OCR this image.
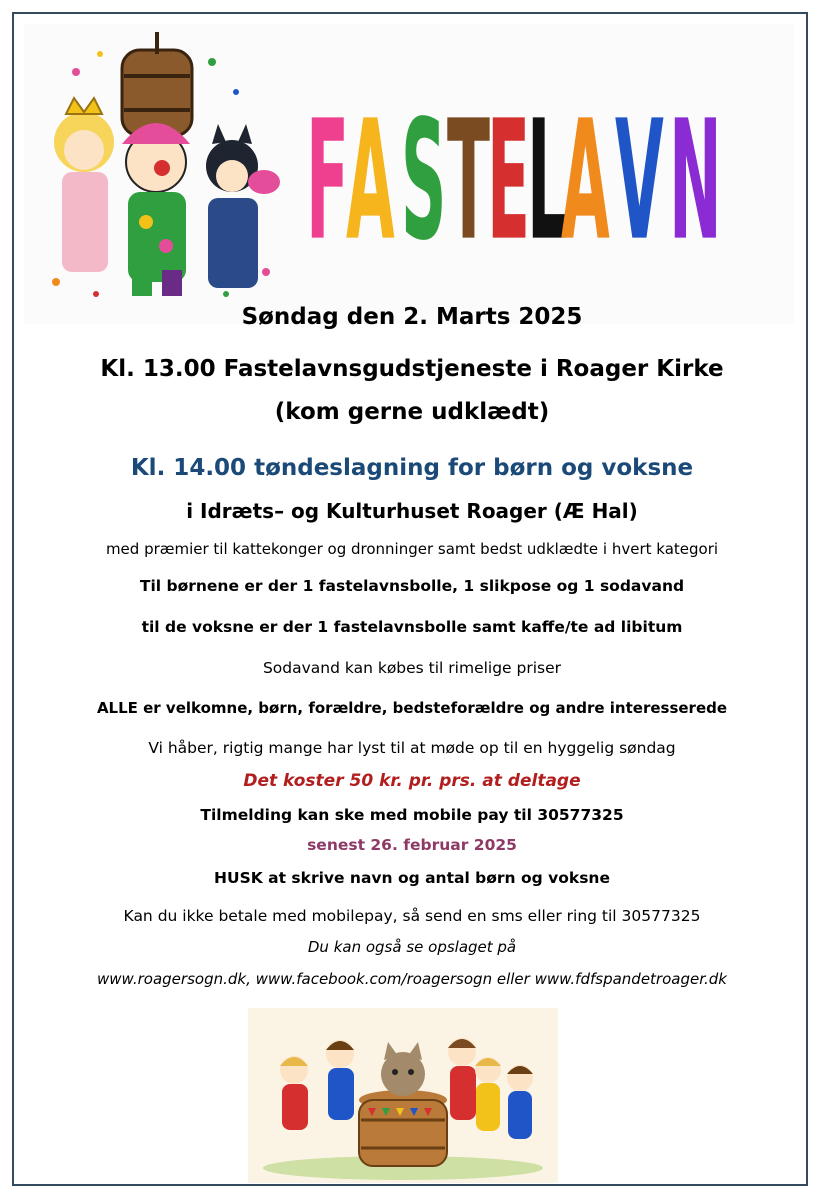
F
A S T
E
L
A V N
Søndag den 2. Marts 2025
Kl. 13.00 Fastelavnsgudstjeneste i Roager Kirke
(kom gerne udklædt)
Kl. 14.00 tøndeslagning for børn og voksne
i Idræts– og Kulturhuset Roager (Æ Hal)
med præmier til kattekonger og dronninger samt bedst udklædte i hvert kategori
Til børnene er der 1 fastelavnsbolle, 1 slikpose og 1 sodavand
til de voksne er der 1 fastelavnsbolle samt kaffe/te ad libitum
Sodavand kan købes til rimelige priser
ALLE er velkomne, børn, forældre, bedsteforældre og andre interesserede
Vi håber, rigtig mange har lyst til at møde op til en hyggelig søndag
Det koster 50 kr. pr. prs. at deltage
Tilmelding kan ske med mobile pay til 30577325
senest 26. februar 2025
HUSK at skrive navn og antal børn og voksne
Kan du ikke betale med mobilepay, så send en sms eller ring til 30577325
Du kan også se opslaget på
www.roagersogn.dk, www.facebook.com/roagersogn eller www.fdfspandetroager.dk
